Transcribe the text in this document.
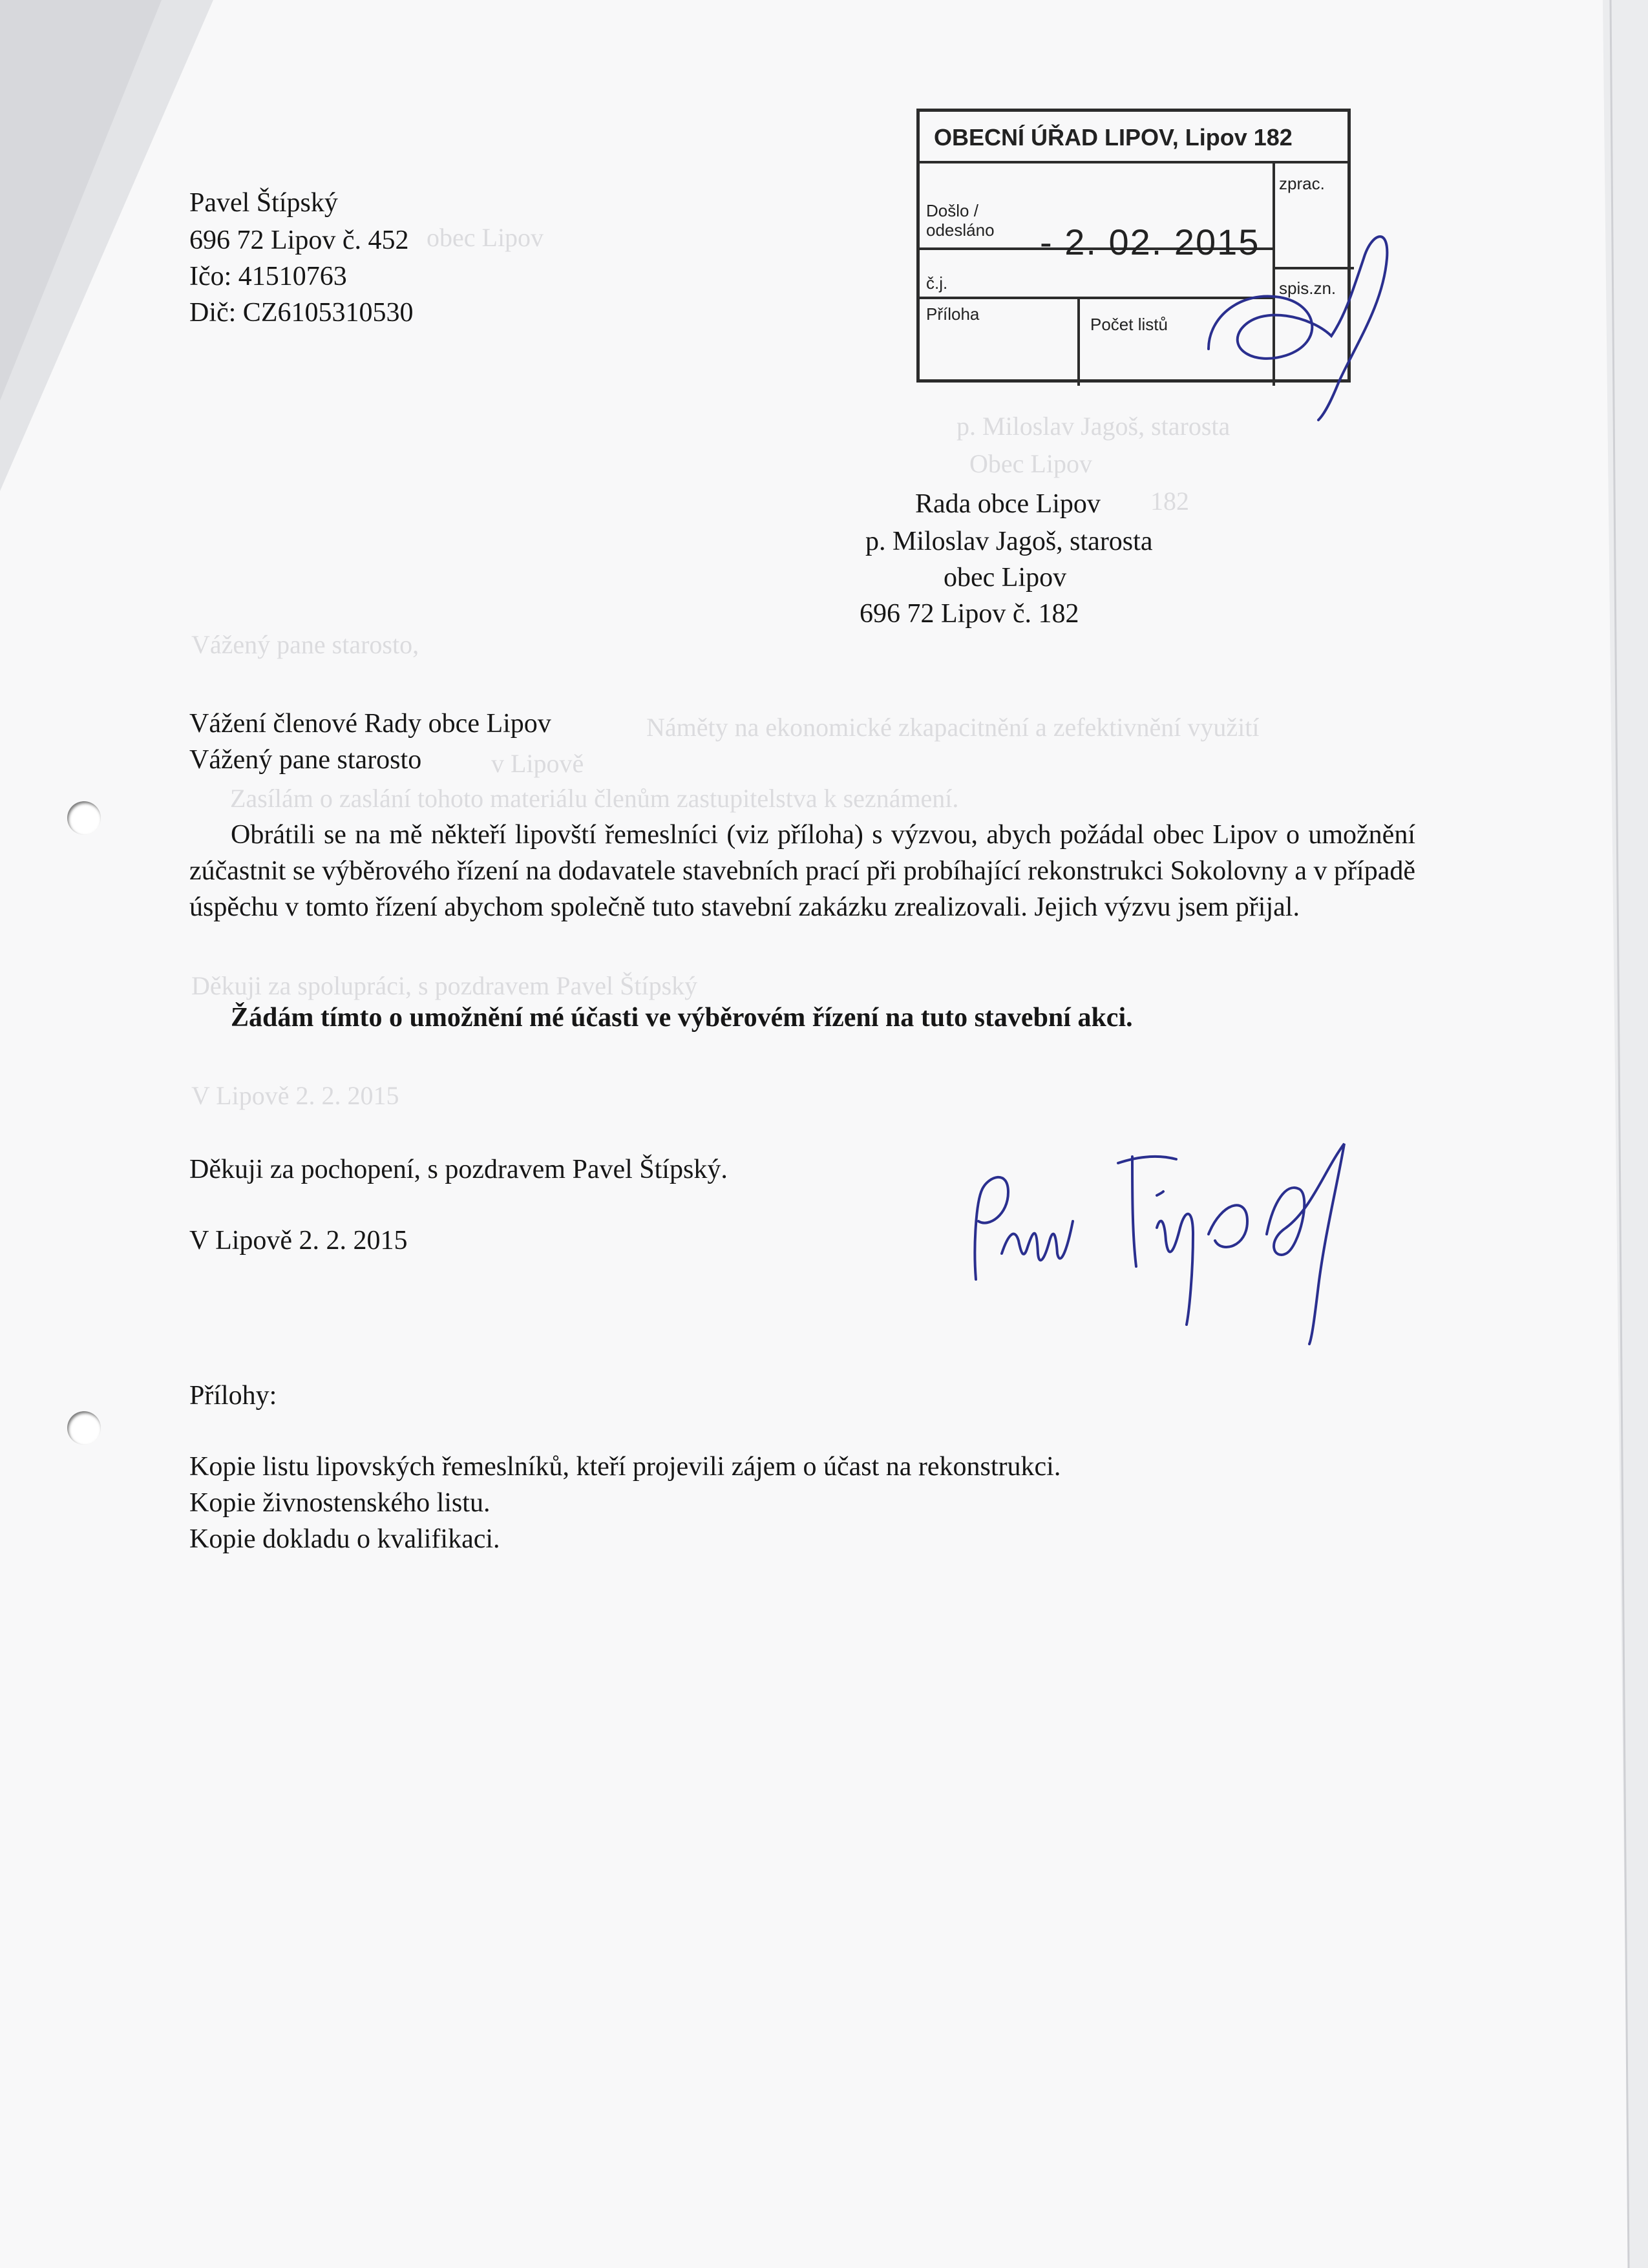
obec Lipov
p. Miloslav Jagoš, starosta
Obec Lipov
182
Vážený pane starosto,
Náměty na ekonomické zkapacitnění a zefektivnění využití
v Lipově
Zasílám o zaslání tohoto materiálu členům zastupitelstva k seznámení.
Děkuji za spolupráci, s pozdravem Pavel Štípský
V Lipově 2. 2. 2015
Pavel Štípský
696 72 Lipov č. 452
Ičo: 41510763
Dič: CZ6105310530
OBECNÍ ÚŘAD LIPOV, Lipov 182
Došlo /
odesláno - 2. 02. 2015
zprac.
č.j.	spis.zn.
Příloha
Počet listů
Rada obce Lipov
p. Miloslav Jagoš, starosta
obec Lipov
696 72 Lipov č. 182
Vážení členové Rady obce Lipov
Vážený pane starosto
Obrátili se na mě někteří lipovští řemeslníci (viz příloha) s výzvou, abych požádal obec Lipov o umožnění zúčastnit se výběrového řízení na dodavatele stavebních prací při probíhající rekonstrukci Sokolovny a v případě úspěchu v tomto řízení abychom společně tuto stavební zakázku zrealizovali. Jejich výzvu jsem přijal.
Žádám tímto o umožnění mé účasti ve výběrovém řízení na tuto stavební akci.
Děkuji za pochopení, s pozdravem Pavel Štípský.
V Lipově 2. 2. 2015
Přílohy:
Kopie listu lipovských řemeslníků, kteří projevili zájem o účast na rekonstrukci.
Kopie živnostenského listu.
Kopie dokladu o kvalifikaci.
